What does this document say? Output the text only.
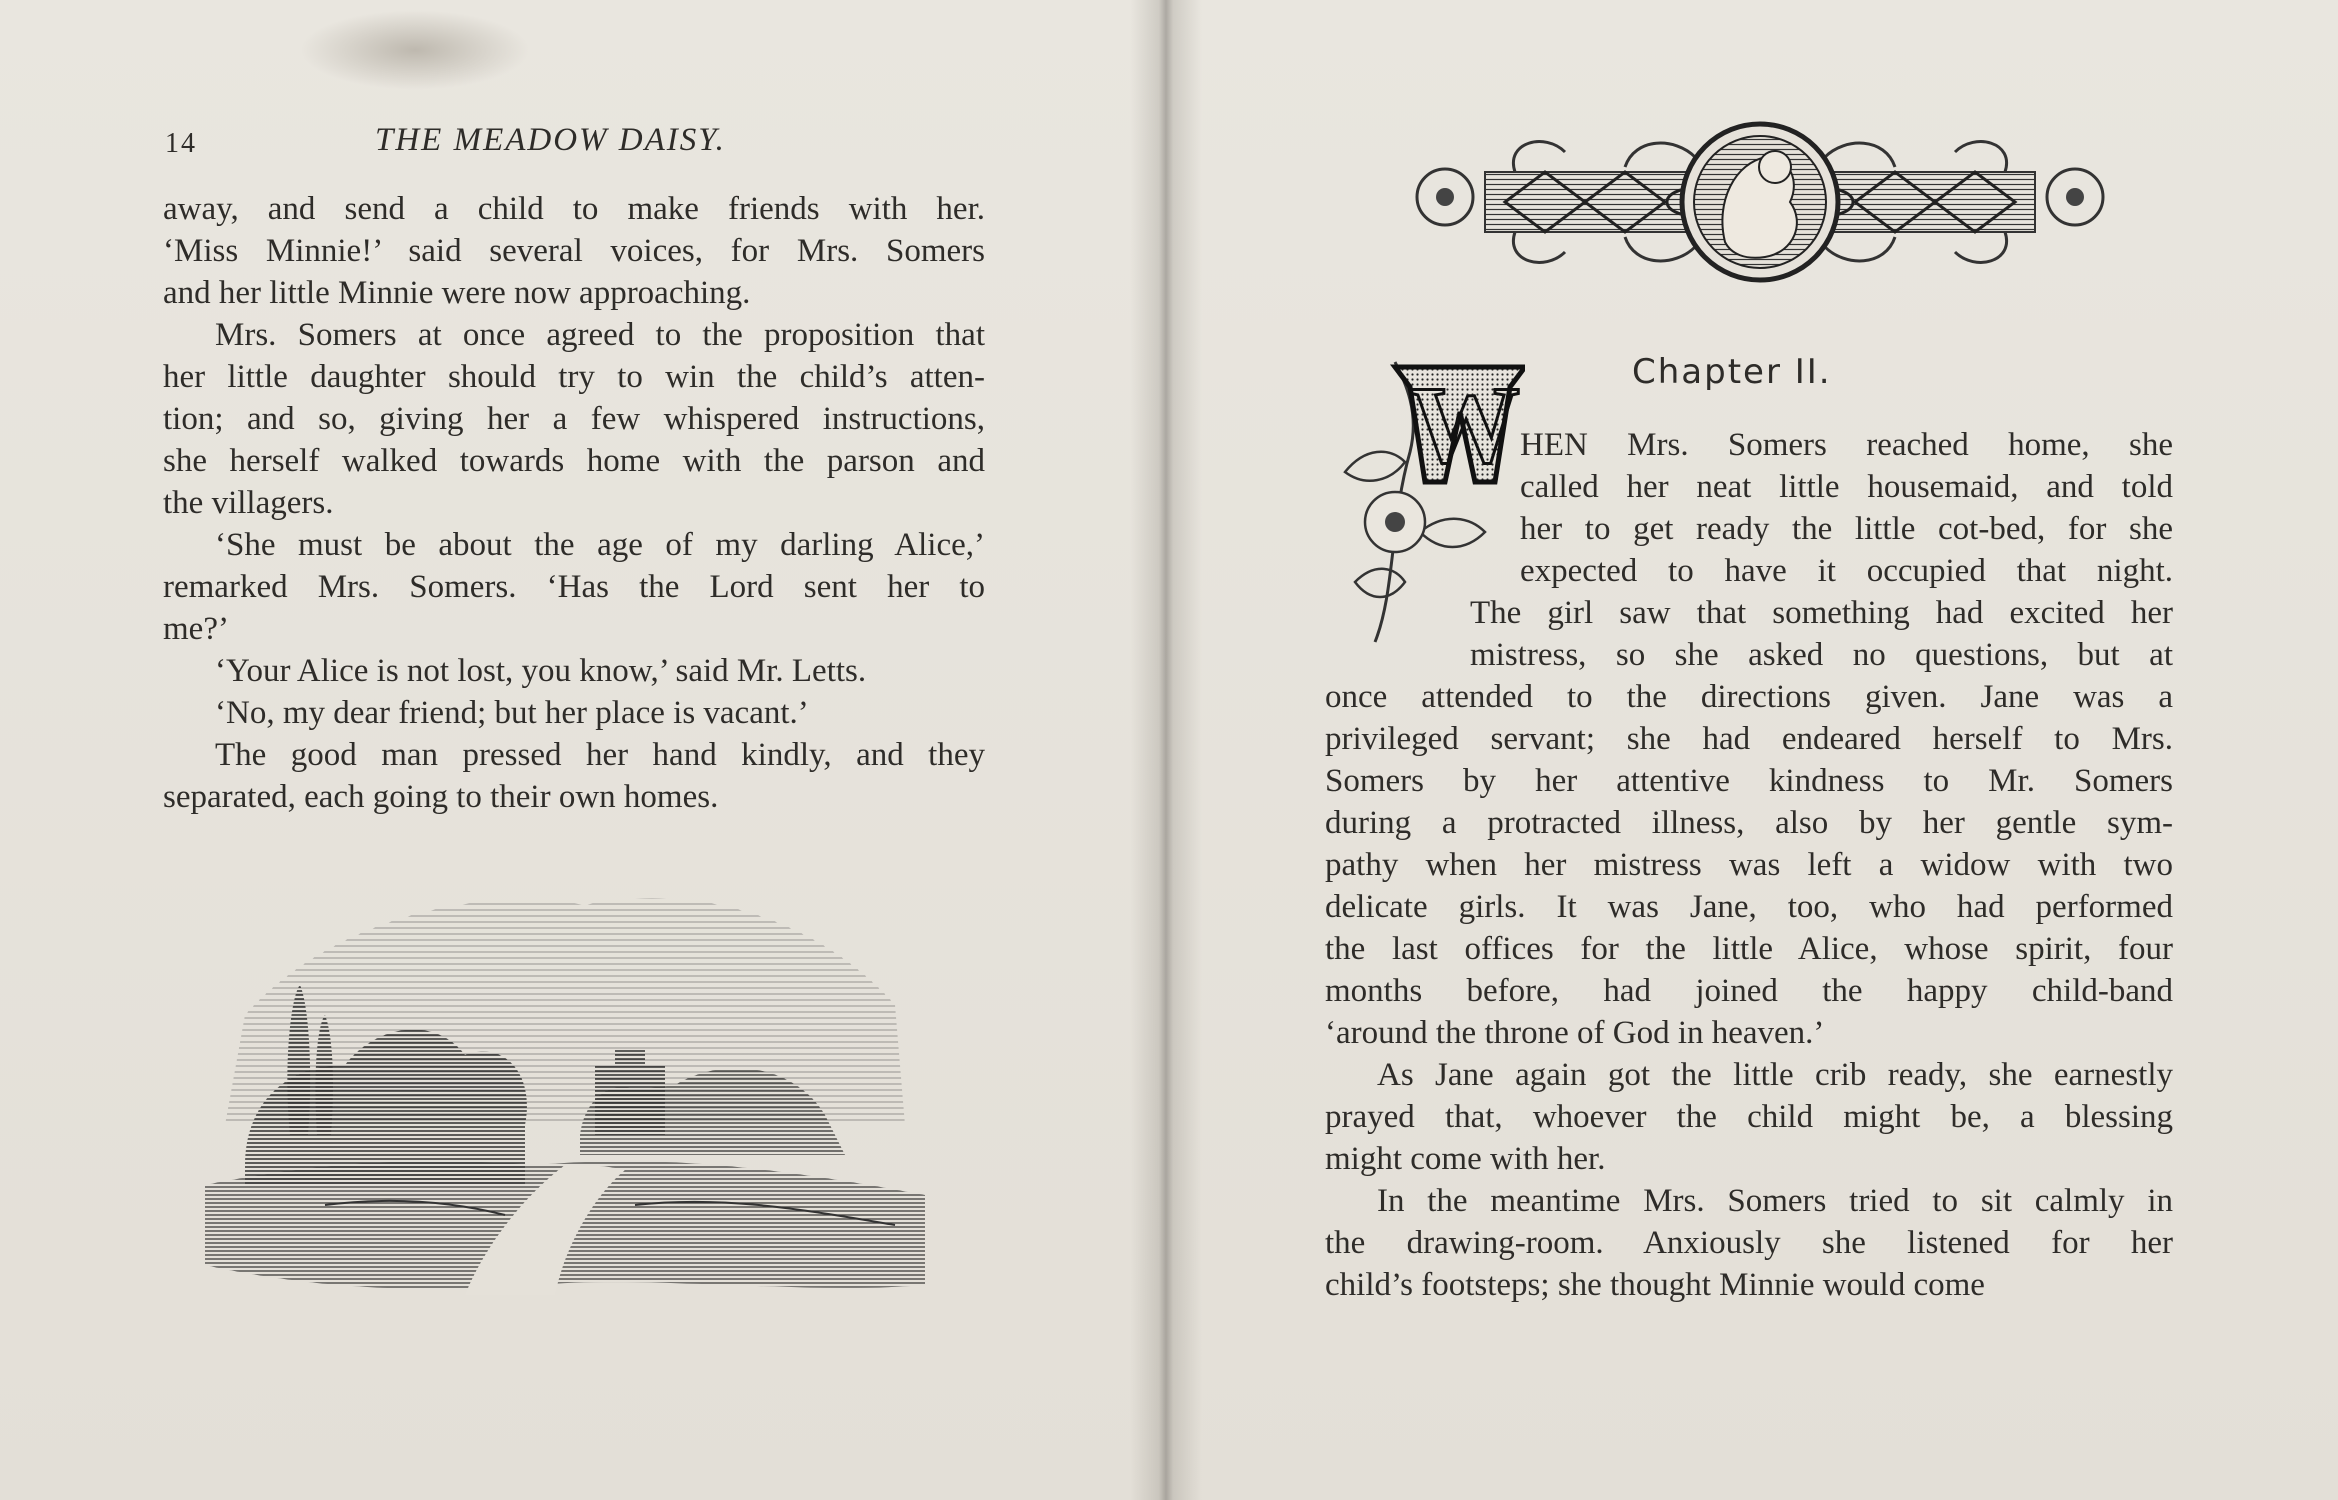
14	THE MEADOW DAISY.

away, and send a child to make friends with her.
‘Miss Minnie!’ said several voices, for Mrs. Somers
and her little Minnie were now approaching.

Mrs. Somers at once agreed to the proposition that
her little daughter should try to win the child’s atten-
tion; and so, giving her a few whispered instructions,
she herself walked towards home with the parson and
the villagers.

‘She must be about the age of my darling Alice,’
remarked Mrs. Somers. ‘Has the Lord sent her to
me?’

‘Your Alice is not lost, you know,’ said Mr. Letts.

‘No, my dear friend; but her place is vacant.’

The good man pressed her hand kindly, and they
separated, each going to their own homes.

Chapter II.
W HEN Mrs. Somers reached home, she
called her neat little housemaid, and told
her to get ready the little cot-bed, for she
expected to have it occupied that night.
The girl saw that something had excited her
mistress, so she asked no questions, but at

once attended to the directions given. Jane was a
privileged servant; she had endeared herself to Mrs.
Somers by her attentive kindness to Mr. Somers
during a protracted illness, also by her gentle sym-
pathy when her mistress was left a widow with two
delicate girls. It was Jane, too, who had performed
the last offices for the little Alice, whose spirit, four
months before, had joined the happy child-band
‘around the throne of God in heaven.’

As Jane again got the little crib ready, she earnestly
prayed that, whoever the child might be, a blessing
might come with her.

In the meantime Mrs. Somers tried to sit calmly in
the drawing-room. Anxiously she listened for her
child’s footsteps; she thought Minnie would come
